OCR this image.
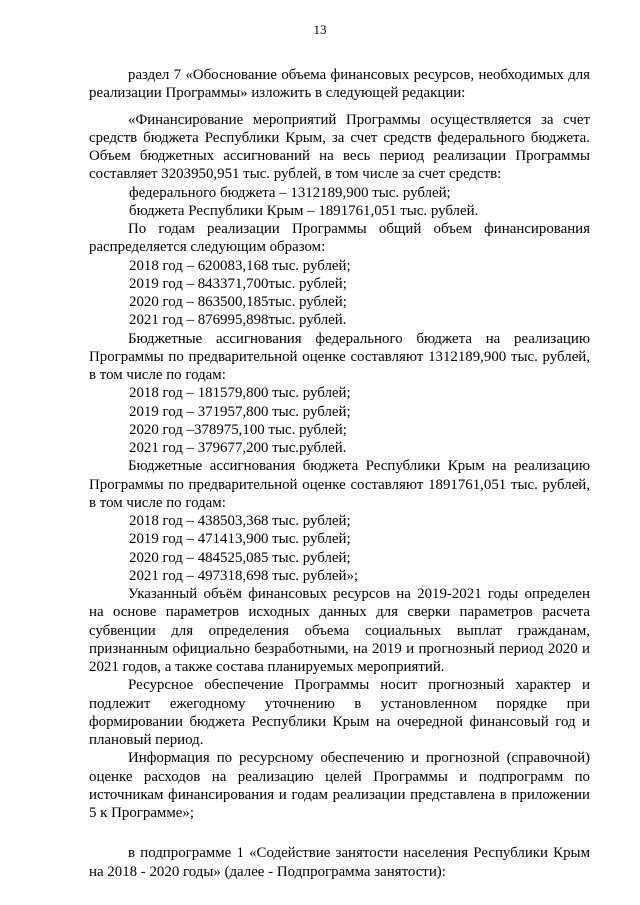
13
раздел 7 «Обоснование объема финансовых ресурсов, необходимых для реализации Программы» изложить в следующей редакции:
«Финансирование мероприятий Программы осуществляется за счет средств бюджета Республики Крым, за счет средств федерального бюджета. Объем бюджетных ассигнований на весь период реализации Программы составляет 3203950,951 тыс. рублей, в том числе за счет средств:
федерального бюджета – 1312189,900 тыс. рублей;
бюджета Республики Крым – 1891761,051 тыс. рублей.
По годам реализации Программы общий объем финансирования распределяется следующим образом:
2018 год – 620083,168 тыс. рублей;
2019 год – 843371,700тыс. рублей;
2020 год – 863500,185тыс. рублей;
2021 год – 876995,898тыс. рублей.
Бюджетные ассигнования федерального бюджета на реализацию Программы по предварительной оценке составляют 1312189,900 тыс. рублей, в том числе по годам:
2018 год – 181579,800 тыс. рублей;
2019 год – 371957,800 тыс. рублей;
2020 год –378975,100 тыс. рублей;
2021 год – 379677,200 тыс.рублей.
Бюджетные ассигнования бюджета Республики Крым на реализацию Программы по предварительной оценке составляют 1891761,051 тыс. рублей, в том числе по годам:
2018 год – 438503,368 тыс. рублей;
2019 год – 471413,900 тыс. рублей;
2020 год – 484525,085 тыс. рублей;
2021 год – 497318,698 тыс. рублей»;
Указанный объём финансовых ресурсов на 2019-2021 годы определен на основе параметров исходных данных для сверки параметров расчета субвенции для определения объема социальных выплат гражданам, признанным официально безработными, на 2019 и прогнозный период 2020 и 2021 годов, а также состава планируемых мероприятий.
Ресурсное обеспечение Программы носит прогнозный характер и подлежит ежегодному уточнению в установленном порядке при формировании бюджета Республики Крым на очередной финансовый год и плановый период.
Информация по ресурсному обеспечению и прогнозной (справочной) оценке расходов на реализацию целей Программы и подпрограмм по источникам финансирования и годам реализации представлена в приложении 5 к Программе»;
в подпрограмме 1 «Содействие занятости населения Республики Крым на 2018 - 2020 годы» (далее - Подпрограмма занятости):
